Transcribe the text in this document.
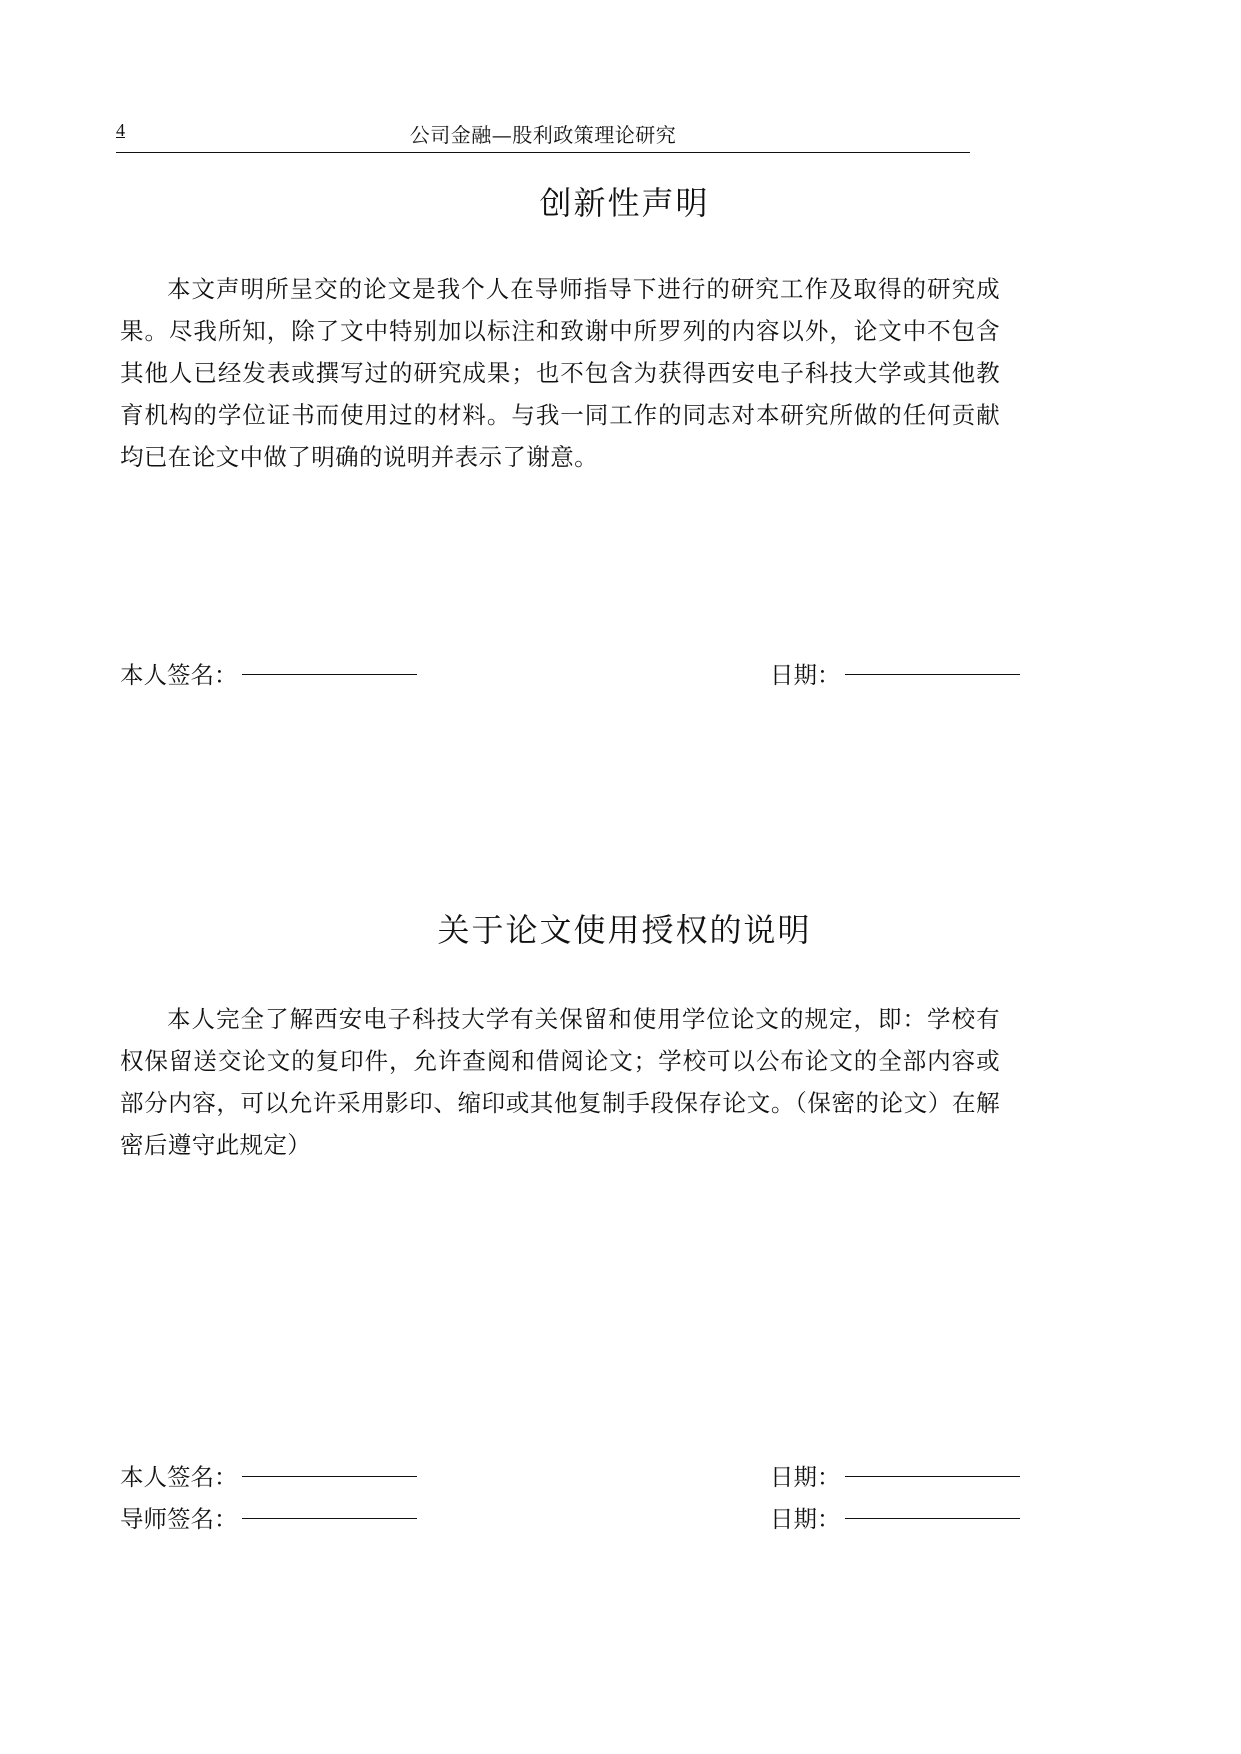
4	公司金融—股利政策理论研究
创新性声明

本文声明所呈交的论文是我个人在导师指导下进行的研究工作及取得的研究成果。尽我所知，除了文中特别加以标注和致谢中所罗列的内容以外，论文中不包含其他人已经发表或撰写过的研究成果；也不包含为获得西安电子科技大学或其他教育机构的学位证书而使用过的材料。与我一同工作的同志对本研究所做的任何贡献均已在论文中做了明确的说明并表示了谢意。

本人签名：	日期：
关于论文使用授权的说明

本人完全了解西安电子科技大学有关保留和使用学位论文的规定，即：学校有权保留送交论文的复印件，允许查阅和借阅论文；学校可以公布论文的全部内容或部分内容，可以允许采用影印、缩印或其他复制手段保存论文。（保密的论文）在解密后遵守此规定）

本人签名：	日期：
导师签名：	日期：
